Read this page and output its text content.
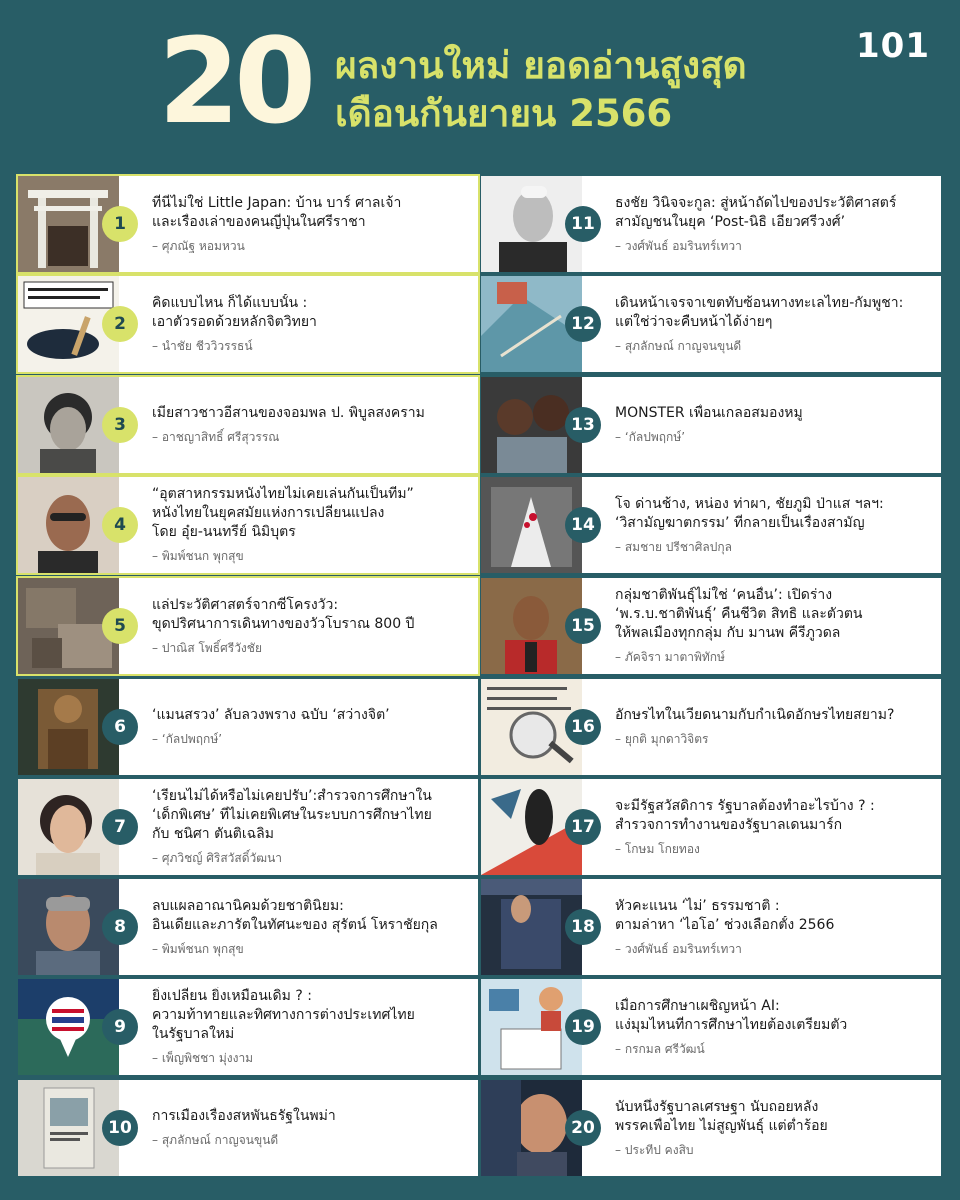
20 ผลงานใหม่ ยอดอ่านสูงสุด
เดือนกันยายน 2566
101
ที่นี่ไม่ใช่ Little Japan: บ้าน บาร์ ศาลเจ้า
และเรื่องเล่าของคนญี่ปุ่นในศรีราชา
– ศุภณัฐ หอมหวน
1
คิดแบบไหน ก็ได้แบบนั้น :
เอาตัวรอดด้วยหลักจิตวิทยา
– นำชัย ชีววิวรรธน์
2
เมียสาวชาวอีสานของจอมพล ป. พิบูลสงคราม
– อาชญาสิทธิ์ ศรีสุวรรณ
3
“อุตสาหกรรมหนังไทยไม่เคยเล่นกันเป็นทีม”
หนังไทยในยุคสมัยแห่งการเปลี่ยนแปลง
โดย อุ๋ย-นนทรีย์ นิมิบุตร
– พิมพ์ชนก พุกสุข
4
แล่ประวัติศาสตร์จากซี่โครงวัว:
ขุดปริศนาการเดินทางของวัวโบราณ 800 ปี
– ปาณิส โพธิ์ศรีวังชัย
5
‘แมนสรวง’ ลับลวงพราง ฉบับ ‘สว่างจิต’
– ‘กัลปพฤกษ์’
6
‘เรียนไม่ได้หรือไม่เคยปรับ’:สำรวจการศึกษาใน
‘เด็กพิเศษ’ ที่ไม่เคยพิเศษในระบบการศึกษาไทย
กับ ชนิศา ตันติเฉลิม
– ศุภวิชญ์ ศิริสวัสดิ์วัฒนา
7
ลบแผลอาณานิคมด้วยชาตินิยม:
อินเดียและภารัตในทัศนะของ สุรัตน์ โหราชัยกุล
– พิมพ์ชนก พุกสุข
8
ยิ่งเปลี่ยน ยิ่งเหมือนเดิม ? :
ความท้าทายและทิศทางการต่างประเทศไทย
ในรัฐบาลใหม่
– เพ็ญพิชชา มุ่งงาม
9
การเมืองเรื่องสหพันธรัฐในพม่า
– สุภลักษณ์ กาญจนขุนดี
10
ธงชัย วินิจจะกูล: สู่หน้าถัดไปของประวัติศาสตร์
สามัญชนในยุค ‘Post-นิธิ เอียวศรีวงศ์’
– วงศ์พันธ์ อมรินทร์เทวา
11
เดินหน้าเจรจาเขตทับซ้อนทางทะเลไทย-กัมพูชา:
แต่ใช่ว่าจะคืบหน้าได้ง่ายๆ
– สุภลักษณ์ กาญจนขุนดี
12
MONSTER เพื่อนเกลอสมองหมู
– ‘กัลปพฤกษ์’
13
โจ ด่านช้าง, หน่อง ท่าผา, ชัยภูมิ ป่าแส ฯลฯ:
‘วิสามัญฆาตกรรม’ ที่กลายเป็นเรื่องสามัญ
– สมชาย ปรีชาศิลปกุล
14
กลุ่มชาติพันธุ์ไม่ใช่ ‘คนอื่น’: เปิดร่าง
‘พ.ร.บ.ชาติพันธุ์’ คืนชีวิต สิทธิ และตัวตน
ให้พลเมืองทุกกลุ่ม กับ มานพ คีรีภูวดล
– ภัคจิรา มาตาพิทักษ์
15
อักษรไทในเวียดนามกับกำเนิดอักษรไทยสยาม?
– ยุกติ มุกดาวิจิตร
16
จะมีรัฐสวัสดิการ รัฐบาลต้องทำอะไรบ้าง ? :
สำรวจการทำงานของรัฐบาลเดนมาร์ก
– โกษม โกยทอง
17
หัวคะแนน ‘ไม่’ ธรรมชาติ :
ตามล่าหา ‘ไอโอ’ ช่วงเลือกตั้ง 2566
– วงศ์พันธ์ อมรินทร์เทวา
18
เมื่อการศึกษาเผชิญหน้า AI:
แง่มุมไหนที่การศึกษาไทยต้องเตรียมตัว
– กรกมล ศรีวัฒน์
19
นับหนึ่งรัฐบาลเศรษฐา นับถอยหลัง
พรรคเพื่อไทย ไม่สูญพันธุ์ แต่ต่ำร้อย
– ประทีป คงสิบ
20
